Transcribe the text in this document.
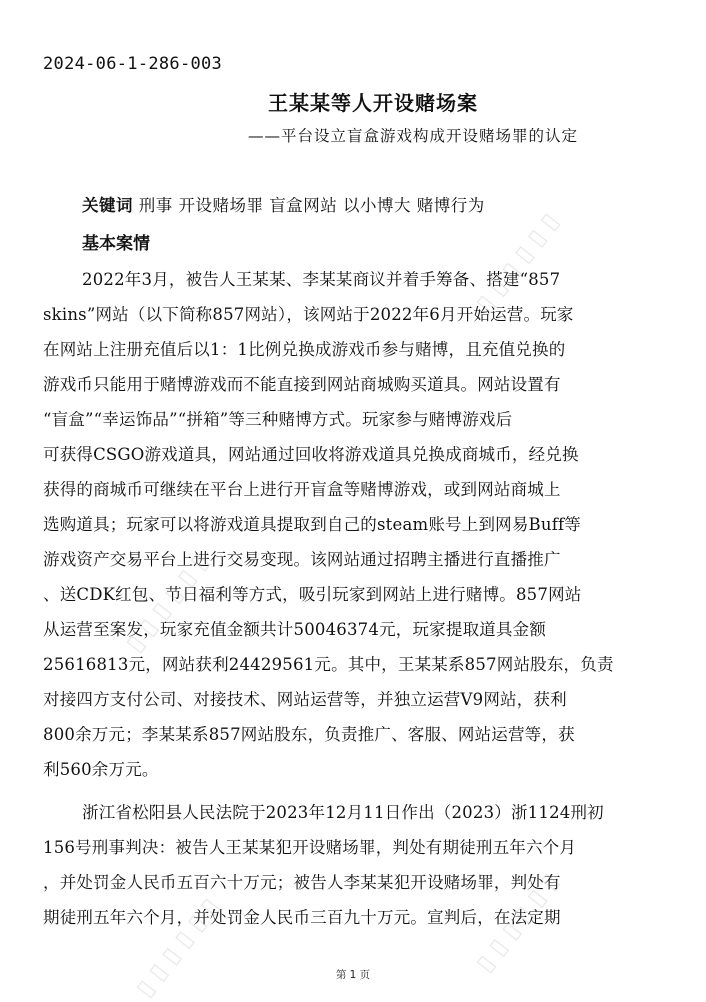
2024-06-1-286-003
王某某等人开设赌场案
——平台设立盲盒游戏构成开设赌场罪的认定
关键词 刑事 开设赌场罪 盲盒网站 以小博大 赌博行为
基本案情
2022年3月，被告人王某某、李某某商议并着手筹备、搭建“857
skins”网站（以下简称857网站），该网站于2022年6月开始运营。玩家
在网站上注册充值后以1：1比例兑换成游戏币参与赌博，且充值兑换的
游戏币只能用于赌博游戏而不能直接到网站商城购买道具。网站设置有
“盲盒”“幸运饰品”“拼箱”等三种赌博方式。玩家参与赌博游戏后
可获得CSGO游戏道具，网站通过回收将游戏道具兑换成商城币，经兑换
获得的商城币可继续在平台上进行开盲盒等赌博游戏，或到网站商城上
选购道具；玩家可以将游戏道具提取到自己的steam账号上到网易Buff等
游戏资产交易平台上进行交易变现。该网站通过招聘主播进行直播推广
、送CDK红包、节日福利等方式，吸引玩家到网站上进行赌博。857网站
从运营至案发，玩家充值金额共计50046374元，玩家提取道具金额
25616813元，网站获利24429561元。其中，王某某系857网站股东，负责
对接四方支付公司、对接技术、网站运营等，并独立运营V9网站，获利
800余万元；李某某系857网站股东，负责推广、客服、网站运营等，获
利560余万元。
浙江省松阳县人民法院于2023年12月11日作出（2023）浙1124刑初
156号刑事判决：被告人王某某犯开设赌场罪，判处有期徒刑五年六个月
，并处罚金人民币五百六十万元；被告人李某某犯开设赌场罪，判处有
期徒刑五年六个月，并处罚金人民币三百九十万元。宣判后，在法定期
第 1 页
▯ ▯ ▯ ▯ ▯ ▯
▯ ▯ ▯ ▯ ▯ ▯
▯ ▯ ▯ ▯ ▯ ▯
▯ ▯ ▯ ▯ ▯ ▯
